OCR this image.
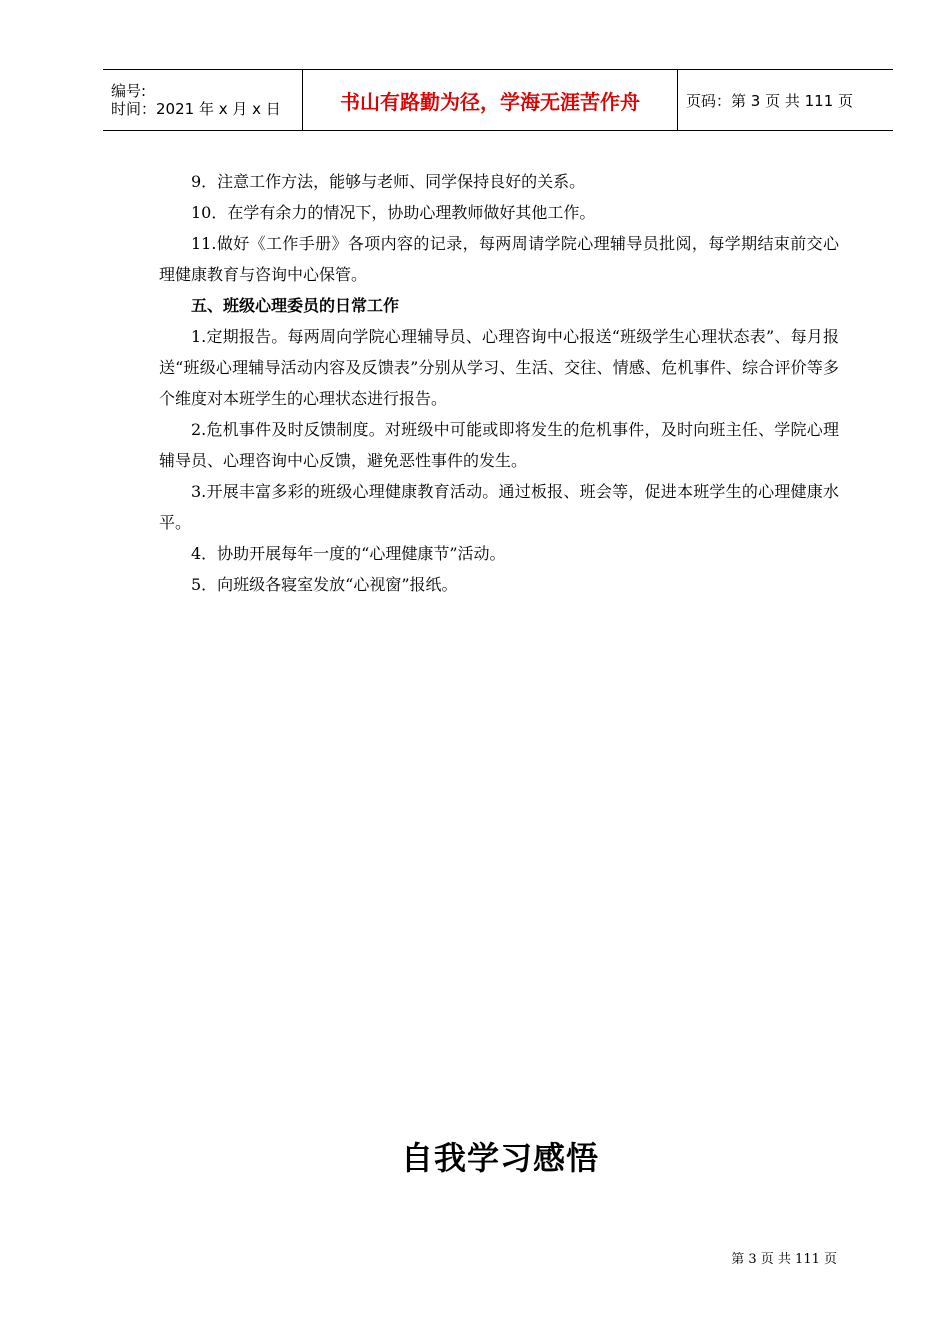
编号:
时间：2021 年 x 月 x 日	书山有路勤为径，学海无涯苦作舟	页码：第 3 页 共 111 页

9．注意工作方法，能够与老师、同学保持良好的关系。

10．在学有余力的情况下，协助心理教师做好其他工作。

11.做好《工作手册》各项内容的记录，每两周请学院心理辅导员批阅，每学期结束前交心理健康教育与咨询中心保管。

五、班级心理委员的日常工作

1.定期报告。每两周向学院心理辅导员、心理咨询中心报送“班级学生心理状态表”、每月报送“班级心理辅导活动内容及反馈表”分别从学习、生活、交往、情感、危机事件、综合评价等多个维度对本班学生的心理状态进行报告。

2.危机事件及时反馈制度。对班级中可能或即将发生的危机事件，及时向班主任、学院心理辅导员、心理咨询中心反馈，避免恶性事件的发生。

3.开展丰富多彩的班级心理健康教育活动。通过板报、班会等，促进本班学生的心理健康水平。

4．协助开展每年一度的“心理健康节”活动。

5．向班级各寝室发放“心视窗”报纸。

自我学习感悟
第 3 页 共 111 页
